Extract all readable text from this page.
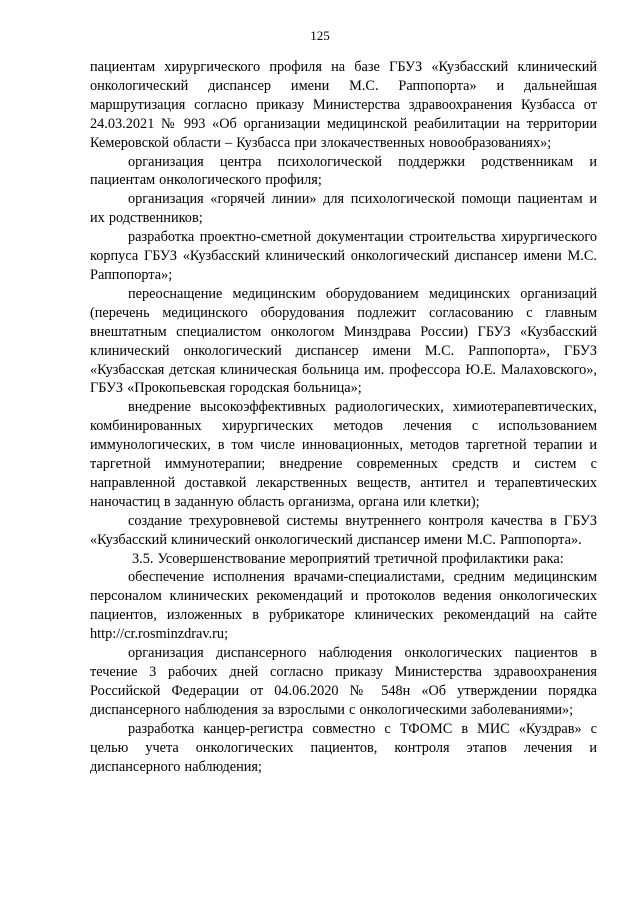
125

пациентам хирургического профиля на базе ГБУЗ «Кузбасский клинический онкологический диспансер имени М.С. Раппопорта» и дальнейшая маршрутизация согласно приказу Министерства здравоохранения Кузбасса от 24.03.2021 № 993 «Об организации медицинской реабилитации на территории Кемеровской области – Кузбасса при злокачественных новообразованиях»;

организация центра психологической поддержки родственникам и пациентам онкологического профиля;

организация «горячей линии» для психологической помощи пациентам и их родственников;

разработка проектно-сметной документации строительства хирургического корпуса ГБУЗ «Кузбасский клинический онкологический диспансер имени М.С. Раппопорта»;

переоснащение медицинским оборудованием медицинских организаций (перечень медицинского оборудования подлежит согласованию с главным внештатным специалистом онкологом Минздрава России) ГБУЗ «Кузбасский клинический онкологический диспансер имени М.С. Раппопорта», ГБУЗ «Кузбасская детская клиническая больница им. профессора Ю.Е. Малаховского», ГБУЗ «Прокопьевская городская больница»;

внедрение высокоэффективных радиологических, химиотерапевтических, комбинированных хирургических методов лечения с использованием иммунологических, в том числе инновационных, методов таргетной терапии и таргетной иммунотерапии; внедрение современных средств и систем с направленной доставкой лекарственных веществ, антител и терапевтических наночастиц в заданную область организма, органа или клетки);

создание трехуровневой системы внутреннего контроля качества в ГБУЗ «Кузбасский клинический онкологический диспансер имени М.С. Раппопорта».

3.5. Усовершенствование мероприятий третичной профилактики рака:

обеспечение исполнения врачами-специалистами, средним медицинским персоналом клинических рекомендаций и протоколов ведения онкологических пациентов, изложенных в рубрикаторе клинических рекомендаций на сайте http://cr.rosminzdrav.ru;

организация диспансерного наблюдения онкологических пациентов в течение 3 рабочих дней согласно приказу Министерства здравоохранения Российской Федерации от 04.06.2020 № 548н «Об утверждении порядка диспансерного наблюдения за взрослыми с онкологическими заболеваниями»;

разработка канцер-регистра совместно с ТФОМС в МИС «Куздрав» с целью учета онкологических пациентов, контроля этапов лечения и диспансерного наблюдения;
